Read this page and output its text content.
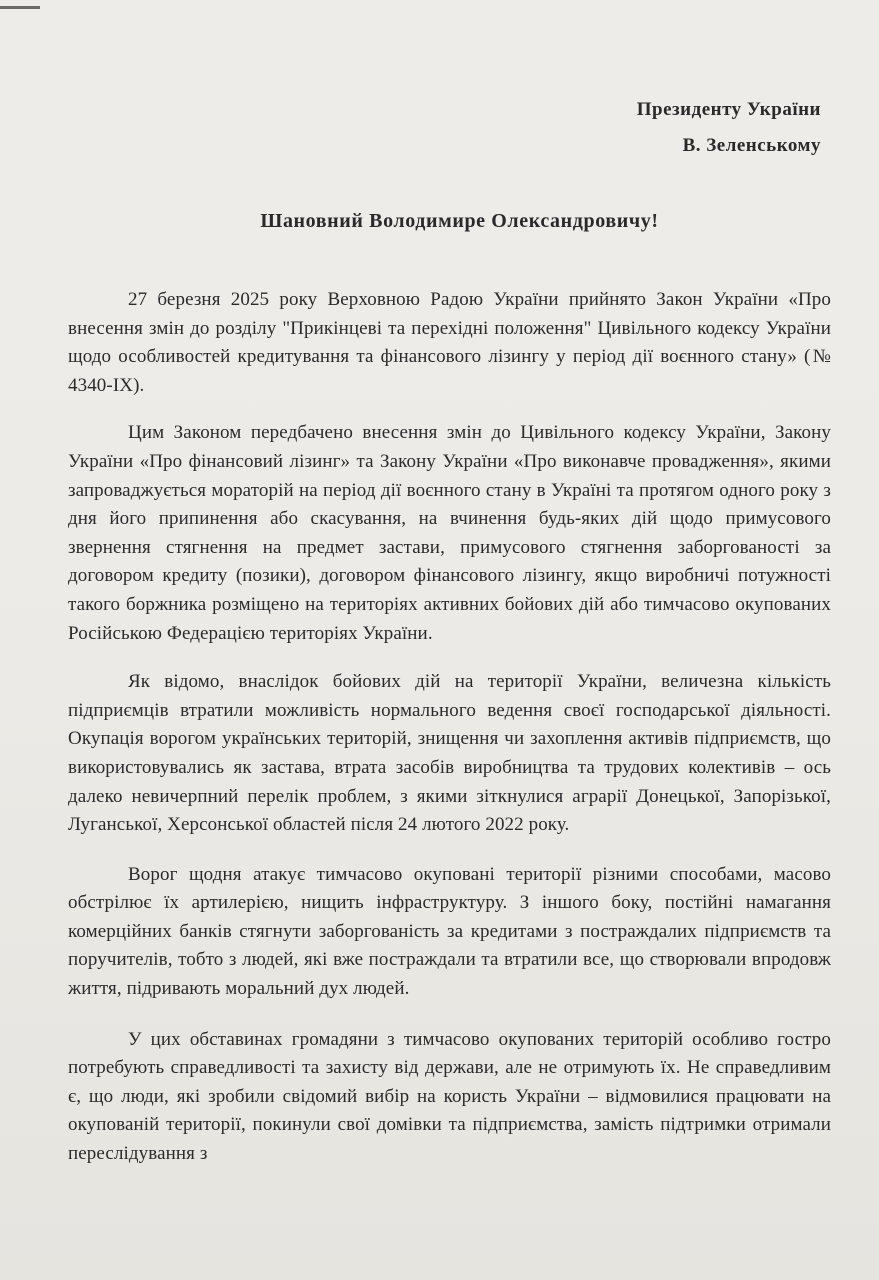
Президенту України
В. Зеленському
Шановний Володимире Олександровичу!

27 березня 2025 року Верховною Радою України прийнято Закон України «Про внесення змін до розділу "Прикінцеві та перехідні положення" Цивільного кодексу України щодо особливостей кредитування та фінансового лізингу у період дії воєнного стану» (№ 4340-IX).

Цим Законом передбачено внесення змін до Цивільного кодексу України, Закону України «Про фінансовий лізинг» та Закону України «Про виконавче провадження», якими запроваджується мораторій на період дії воєнного стану в Україні та протягом одного року з дня його припинення або скасування, на вчинення будь-яких дій щодо примусового звернення стягнення на предмет застави, примусового стягнення заборгованості за договором кредиту (позики), договором фінансового лізингу, якщо виробничі потужності такого боржника розміщено на територіях активних бойових дій або тимчасово окупованих Російською Федерацією територіях України.

Як відомо, внаслідок бойових дій на території України, величезна кількість підприємців втратили можливість нормального ведення своєї господарської діяльності. Окупація ворогом українських територій, знищення чи захоплення активів підприємств, що використовувались як застава, втрата засобів виробництва та трудових колективів – ось далеко невичерпний перелік проблем, з якими зіткнулися аграрії Донецької, Запорізької, Луганської, Херсонської областей після 24 лютого 2022 року.

Ворог щодня атакує тимчасово окуповані території різними способами, масово обстрілює їх артилерією, нищить інфраструктуру. З іншого боку, постійні намагання комерційних банків стягнути заборгованість за кредитами з постраждалих підприємств та поручителів, тобто з людей, які вже постраждали та втратили все, що створювали впродовж життя, підривають моральний дух людей.

У цих обставинах громадяни з тимчасово окупованих територій особливо гостро потребують справедливості та захисту від держави, але не отримують їх. Не справедливим є, що люди, які зробили свідомий вибір на користь України – відмовилися працювати на окупованій території, покинули свої домівки та підприємства, замість підтримки отримали переслідування з
